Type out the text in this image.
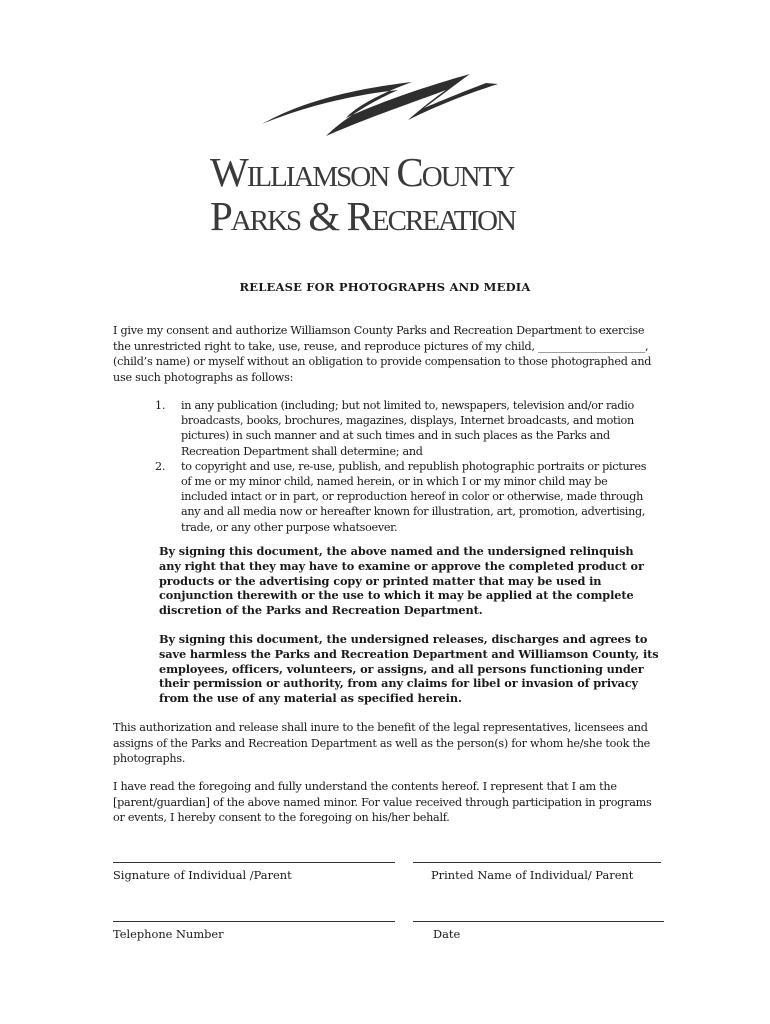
Williamson County
Parks & Recreation
RELEASE FOR PHOTOGRAPHS AND MEDIA
I give my consent and authorize Williamson County Parks and Recreation Department to exercise the unrestricted right to take, use, reuse, and reproduce pictures of my child, ____________________, (child’s name) or myself without an obligation to provide compensation to those photographed and use such photographs as follows:
1. in any publication (including; but not limited to, newspapers, television and/or radio broadcasts, books, brochures, magazines, displays, Internet broadcasts, and motion pictures) in such manner and at such times and in such places as the Parks and Recreation Department shall determine; and
2. to copyright and use, re-use, publish, and republish photographic portraits or pictures of me or my minor child, named herein, or in which I or my minor child may be included intact or in part, or reproduction hereof in color or otherwise, made through any and all media now or hereafter known for illustration, art, promotion, advertising, trade, or any other purpose whatsoever.
By signing this document, the above named and the undersigned relinquish any right that they may have to examine or approve the completed product or products or the advertising copy or printed matter that may be used in conjunction therewith or the use to which it may be applied at the complete discretion of the Parks and Recreation Department.
By signing this document, the undersigned releases, discharges and agrees to save harmless the Parks and Recreation Department and Williamson County, its employees, officers, volunteers, or assigns, and all persons functioning under their permission or authority, from any claims for libel or invasion of privacy from the use of any material as specified herein.
This authorization and release shall inure to the benefit of the legal representatives, licensees and assigns of the Parks and Recreation Department as well as the person(s) for whom he/she took the photographs.
I have read the foregoing and fully understand the contents hereof. I represent that I am the [parent/guardian] of the above named minor. For value received through participation in programs or events, I hereby consent to the foregoing on his/her behalf.
Signature of Individual /Parent	Printed Name of Individual/ Parent
Telephone Number	Date
